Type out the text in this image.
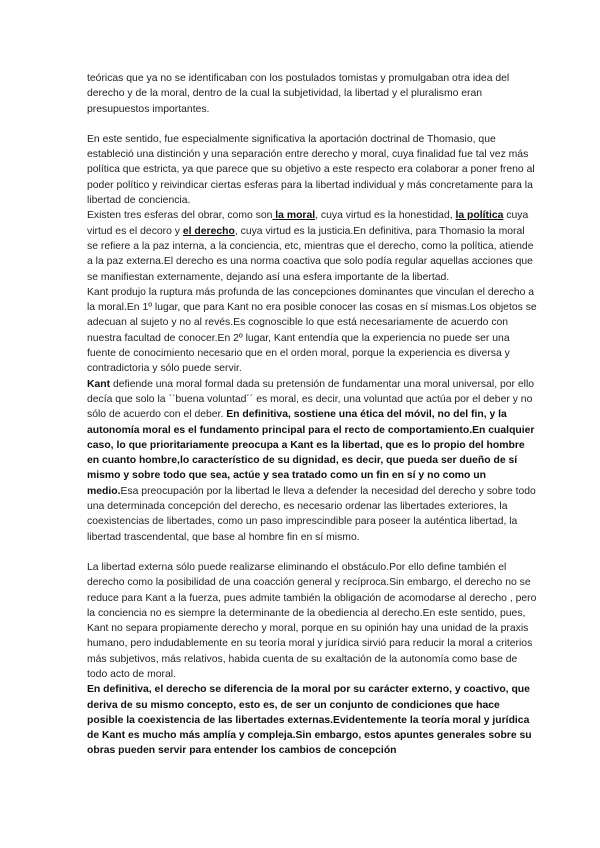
teóricas que ya no se identificaban con los postulados tomistas y promulgaban otra idea del derecho y de la moral, dentro de la cual la subjetividad, la libertad y el pluralismo eran presupuestos importantes.

En este sentido, fue especialmente significativa la aportación doctrinal de Thomasio, que estableció una distinción y una separación entre derecho y moral, cuya finalidad fue tal vez más política que estricta, ya que parece que su objetivo a este respecto era colaborar a poner freno al poder político y reivindicar ciertas esferas para la libertad individual y más concretamente para la libertad de conciencia.

Existen tres esferas del obrar, como son la moral, cuya virtud es la honestidad, la política cuya virtud es el decoro y el derecho, cuya virtud es la justicia.En definitiva, para Thomasio la moral se refiere a la paz interna, a la conciencia, etc, mientras que el derecho, como la política, atiende a la paz externa.El derecho es una norma coactiva que solo podía regular aquellas acciones que se manifiestan externamente, dejando así una esfera importante de la libertad.

Kant produjo la ruptura más profunda de las concepciones dominantes que vinculan el derecho a la moral.En 1º lugar, que para Kant no era posible conocer las cosas en sí mismas.Los objetos se adecuan al sujeto y no al revés.Es cognoscible lo que está necesariamente de acuerdo con nuestra facultad de conocer.En 2º lugar, Kant entendía que la experiencia no puede ser una fuente de conocimiento necesario que en el orden moral, porque la experiencia es diversa y contradictoria y sólo puede servir.

Kant defiende una moral formal dada su pretensión de fundamentar una moral universal, por ello decía que solo la ``buena voluntad´´ es moral, es decir, una voluntad que actúa por el deber y no sólo de acuerdo con el deber. En definitiva, sostiene una ética del móvil, no del fin, y la autonomía moral es el fundamento principal para el recto de comportamiento.En cualquier caso, lo que prioritariamente preocupa a Kant es la libertad, que es lo propio del hombre en cuanto hombre,lo característico de su dignidad, es decir, que pueda ser dueño de sí mismo y sobre todo que sea, actúe y sea tratado como un fin en sí y no como un medio.Esa preocupación por la libertad le lleva a defender la necesidad del derecho y sobre todo una determinada concepción del derecho, es necesario ordenar las libertades exteriores, la coexistencias de libertades, como un paso imprescindible para poseer la auténtica libertad, la libertad trascendental, que base al hombre fin en sí mismo.

La libertad externa sólo puede realizarse eliminando el obstáculo.Por ello define también el derecho como la posibilidad de una coacción general y recíproca.Sin embargo, el derecho no se reduce para Kant a la fuerza, pues admite también la obligación de acomodarse al derecho , pero la conciencia no es siempre la determinante de la obediencia al derecho.En este sentido, pues, Kant no separa propiamente derecho y moral, porque en su opinión hay una unidad de la praxis humano, pero indudablemente en su teoría moral y jurídica sirvió para reducir la moral a criterios más subjetivos, más relativos, habida cuenta de su exaltación de la autonomía como base de todo acto de moral.

En definitiva, el derecho se diferencia de la moral por su carácter externo, y coactivo, que deriva de su mismo concepto, esto es, de ser un conjunto de condiciones que hace posible la coexistencia de las libertades externas.Evidentemente la teoría moral y jurídica de Kant es mucho más amplía y compleja.Sin embargo, estos apuntes generales sobre su obras pueden servir para entender los cambios de concepción
